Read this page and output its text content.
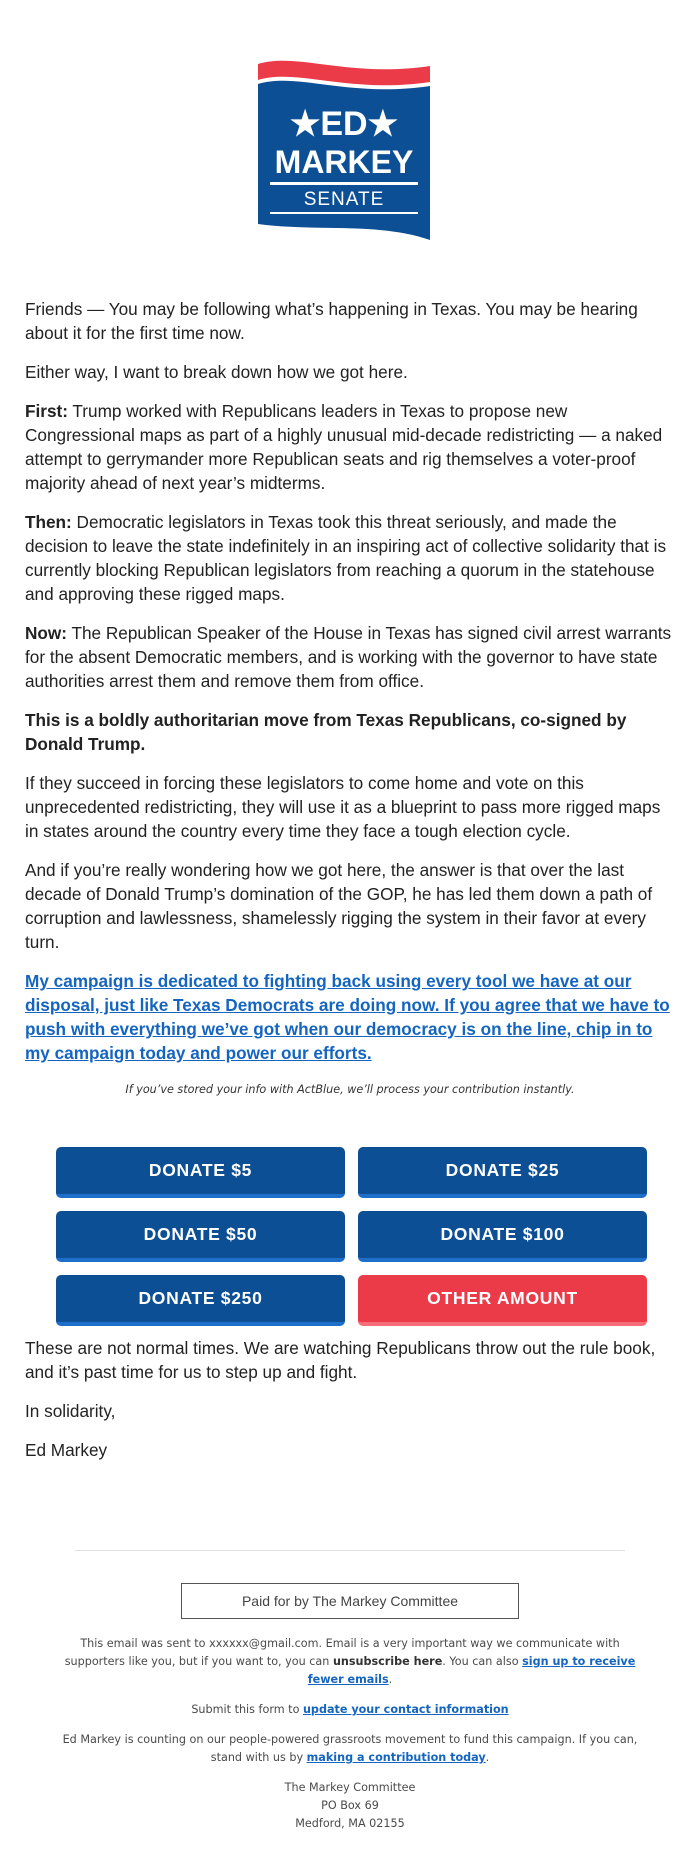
★ED★
MARKEY
SENATE

Friends — You may be following what’s happening in Texas. You may be hearing about it for the first time now.

Either way, I want to break down how we got here.

First: Trump worked with Republicans leaders in Texas to propose new Congressional maps as part of a highly unusual mid-decade redistricting — a naked attempt to gerrymander more Republican seats and rig themselves a voter-proof majority ahead of next year’s midterms.

Then: Democratic legislators in Texas took this threat seriously, and made the decision to leave the state indefinitely in an inspiring act of collective solidarity that is currently blocking Republican legislators from reaching a quorum in the statehouse and approving these rigged maps.

Now: The Republican Speaker of the House in Texas has signed civil arrest warrants for the absent Democratic members, and is working with the governor to have state authorities arrest them and remove them from office.

This is a boldly authoritarian move from Texas Republicans, co-signed by Donald Trump.

If they succeed in forcing these legislators to come home and vote on this unprecedented redistricting, they will use it as a blueprint to pass more rigged maps in states around the country every time they face a tough election cycle.

And if you’re really wondering how we got here, the answer is that over the last decade of Donald Trump’s domination of the GOP, he has led them down a path of corruption and lawlessness, shamelessly rigging the system in their favor at every turn.

My campaign is dedicated to fighting back using every tool we have at our disposal, just like Texas Democrats are doing now. If you agree that we have to push with everything we’ve got when our democracy is on the line, chip in to my campaign today and power our efforts.
If you’ve stored your info with ActBlue, we’ll process your contribution instantly.
DONATE $5	DONATE $25
DONATE $50	DONATE $100
DONATE $250	OTHER AMOUNT

These are not normal times. We are watching Republicans throw out the rule book, and it’s past time for us to step up and fight.

In solidarity,

Ed Markey

Paid for by The Markey Committee

This email was sent to xxxxxx@gmail.com. Email is a very important way we communicate with supporters like you, but if you want to, you can unsubscribe here. You can also sign up to receive fewer emails.

Submit this form to update your contact information

Ed Markey is counting on our people-powered grassroots movement to fund this campaign. If you can, stand with us by making a contribution today.

The Markey Committee
PO Box 69
Medford, MA 02155
